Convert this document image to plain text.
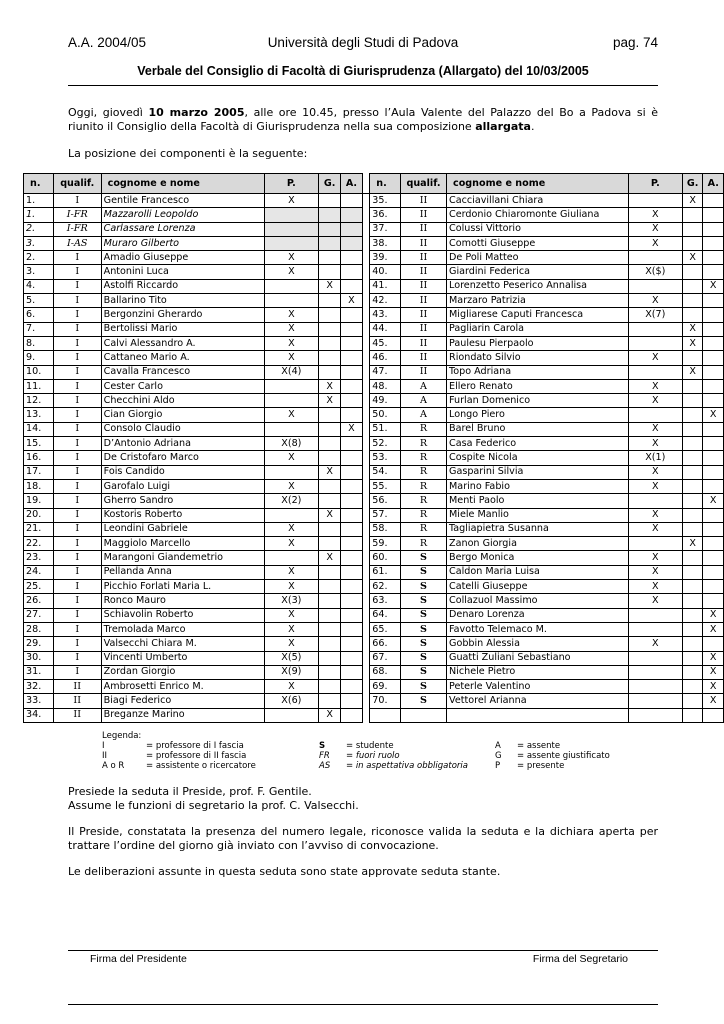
A.A. 2004/05	Università degli Studi di Padova	pag. 74
Verbale del Consiglio di Facoltà di Giurisprudenza (Allargato) del 10/03/2005
Oggi, giovedì 10 marzo 2005, alle ore 10.45, presso l’Aula Valente del Palazzo del Bo a Padova si è riunito il Consiglio della Facoltà di Giurisprudenza nella sua composizione allargata.
La posizione dei componenti è la seguente:
n.	qualif.	cognome e nome	P.	G.	A.		n.	qualif.	cognome e nome	P.	G.	A.
1.	I	Gentile Francesco	X				35.	II	Cacciavillani Chiara		X	
1.	I-FR	Mazzarolli Leopoldo					36.	II	Cerdonio Chiaromonte Giuliana	X		
2.	I-FR	Carlassare Lorenza					37.	II	Colussi Vittorio	X		
3.	I-AS	Muraro Gilberto					38.	II	Comotti Giuseppe	X		
2.	I	Amadio Giuseppe	X				39.	II	De Poli Matteo		X	
3.	I	Antonini Luca	X				40.	II	Giardini Federica	X($)		
4.	I	Astolfi Riccardo		X			41.	II	Lorenzetto Peserico Annalisa			X
5.	I	Ballarino Tito			X		42.	II	Marzaro Patrizia	X		
6.	I	Bergonzini Gherardo	X				43.	II	Migliarese Caputi Francesca	X(7)		
7.	I	Bertolissi Mario	X				44.	II	Pagliarin Carola		X	
8.	I	Calvi Alessandro A.	X				45.	II	Paulesu Pierpaolo		X	
9.	I	Cattaneo Mario A.	X				46.	II	Riondato Silvio	X		
10.	I	Cavalla Francesco	X(4)				47.	II	Topo Adriana		X	
11.	I	Cester Carlo		X			48.	A	Ellero Renato	X		
12.	I	Checchini Aldo		X			49.	A	Furlan Domenico	X		
13.	I	Cian Giorgio	X				50.	A	Longo Piero			X
14.	I	Consolo Claudio			X		51.	R	Barel Bruno	X		
15.	I	D’Antonio Adriana	X(8)				52.	R	Casa Federico	X		
16.	I	De Cristofaro Marco	X				53.	R	Cospite Nicola	X(1)		
17.	I	Fois Candido		X			54.	R	Gasparini Silvia	X		
18.	I	Garofalo Luigi	X				55.	R	Marino Fabio	X		
19.	I	Gherro Sandro	X(2)				56.	R	Menti Paolo			X
20.	I	Kostoris Roberto		X			57.	R	Miele Manlio	X		
21.	I	Leondini Gabriele	X				58.	R	Tagliapietra Susanna	X		
22.	I	Maggiolo Marcello	X				59.	R	Zanon Giorgia		X	
23.	I	Marangoni Giandemetrio		X			60.	S	Bergo Monica	X		
24.	I	Pellanda Anna	X				61.	S	Caldon Maria Luisa	X		
25.	I	Picchio Forlati Maria L.	X				62.	S	Catelli Giuseppe	X		
26.	I	Ronco Mauro	X(3)				63.	S	Collazuol Massimo	X		
27.	I	Schiavolin Roberto	X				64.	S	Denaro Lorenza			X
28.	I	Tremolada Marco	X				65.	S	Favotto Telemaco M.			X
29.	I	Valsecchi Chiara M.	X				66.	S	Gobbin Alessia	X		
30.	I	Vincenti Umberto	X(5)				67.	S	Guatti Zuliani Sebastiano			X
31.	I	Zordan Giorgio	X(9)				68.	S	Nichele Pietro			X
32.	II	Ambrosetti Enrico M.	X				69.	S	Peterle Valentino			X
33.	II	Biagi Federico	X(6)				70.	S	Vettorel Arianna			X
34.	II	Breganze Marino		X								
Legenda:
I	= professore di I fascia	S = studente	A = assente
II	= professore di II fascia	FR = fuori ruolo	G = assente giustificato
A o R	= assistente o ricercatore	AS = in aspettativa obbligatoria	P = presente
Presiede la seduta il Preside, prof. F. Gentile.
Assume le funzioni di segretario la prof. C. Valsecchi.
Il Preside, constatata la presenza del numero legale, riconosce valida la seduta e la dichiara aperta per trattare l’ordine del giorno già inviato con l’avviso di convocazione.
Le deliberazioni assunte in questa seduta sono state approvate seduta stante.
Firma del Presidente	Firma del Segretario
